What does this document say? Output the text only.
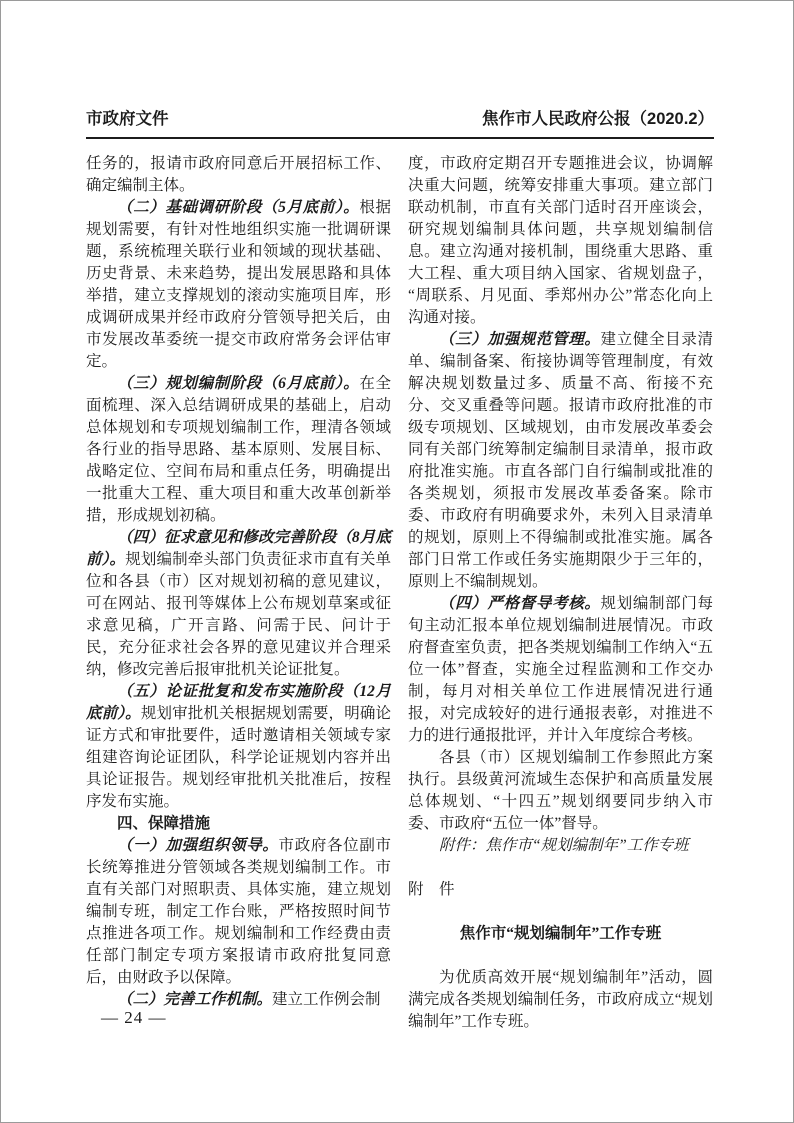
市政府文件	焦作市人民政府公报（2020.2）

任务的，报请市政府同意后开展招标工作、确定编制主体。

（二）基础调研阶段（5月底前）。根据规划需要，有针对性地组织实施一批调研课题，系统梳理关联行业和领域的现状基础、历史背景、未来趋势，提出发展思路和具体举措，建立支撑规划的滚动实施项目库，形成调研成果并经市政府分管领导把关后，由市发展改革委统一提交市政府常务会评估审定。

（三）规划编制阶段（6月底前）。在全面梳理、深入总结调研成果的基础上，启动总体规划和专项规划编制工作，理清各领域各行业的指导思路、基本原则、发展目标、战略定位、空间布局和重点任务，明确提出一批重大工程、重大项目和重大改革创新举措，形成规划初稿。

（四）征求意见和修改完善阶段（8月底前）。规划编制牵头部门负责征求市直有关单位和各县（市）区对规划初稿的意见建议，可在网站、报刊等媒体上公布规划草案或征求意见稿，广开言路、问需于民、问计于民，充分征求社会各界的意见建议并合理采纳，修改完善后报审批机关论证批复。

（五）论证批复和发布实施阶段（12月底前）。规划审批机关根据规划需要，明确论证方式和审批要件，适时邀请相关领域专家组建咨询论证团队，科学论证规划内容并出具论证报告。规划经审批机关批准后，按程序发布实施。

四、保障措施

（一）加强组织领导。市政府各位副市长统筹推进分管领域各类规划编制工作。市直有关部门对照职责、具体实施，建立规划编制专班，制定工作台账，严格按照时间节点推进各项工作。规划编制和工作经费由责任部门制定专项方案报请市政府批复同意后，由财政予以保障。

（二）完善工作机制。建立工作例会制

度，市政府定期召开专题推进会议，协调解决重大问题，统筹安排重大事项。建立部门联动机制，市直有关部门适时召开座谈会，研究规划编制具体问题，共享规划编制信息。建立沟通对接机制，围绕重大思路、重大工程、重大项目纳入国家、省规划盘子，“周联系、月见面、季郑州办公”常态化向上沟通对接。

（三）加强规范管理。建立健全目录清单、编制备案、衔接协调等管理制度，有效解决规划数量过多、质量不高、衔接不充分、交叉重叠等问题。报请市政府批准的市级专项规划、区域规划，由市发展改革委会同有关部门统筹制定编制目录清单，报市政府批准实施。市直各部门自行编制或批准的各类规划，须报市发展改革委备案。除市委、市政府有明确要求外，未列入目录清单的规划，原则上不得编制或批准实施。属各部门日常工作或任务实施期限少于三年的，原则上不编制规划。

（四）严格督导考核。规划编制部门每旬主动汇报本单位规划编制进展情况。市政府督查室负责，把各类规划编制工作纳入“五位一体”督查，实施全过程监测和工作交办制，每月对相关单位工作进展情况进行通报，对完成较好的进行通报表彰，对推进不力的进行通报批评，并计入年度综合考核。

各县（市）区规划编制工作参照此方案执行。县级黄河流域生态保护和高质量发展总体规划、“十四五”规划纲要同步纳入市委、市政府“五位一体”督导。

附件：焦作市“规划编制年”工作专班

附　件

焦作市“规划编制年”工作专班

为优质高效开展“规划编制年”活动，圆满完成各类规划编制任务，市政府成立“规划编制年”工作专班。

— 24 —
